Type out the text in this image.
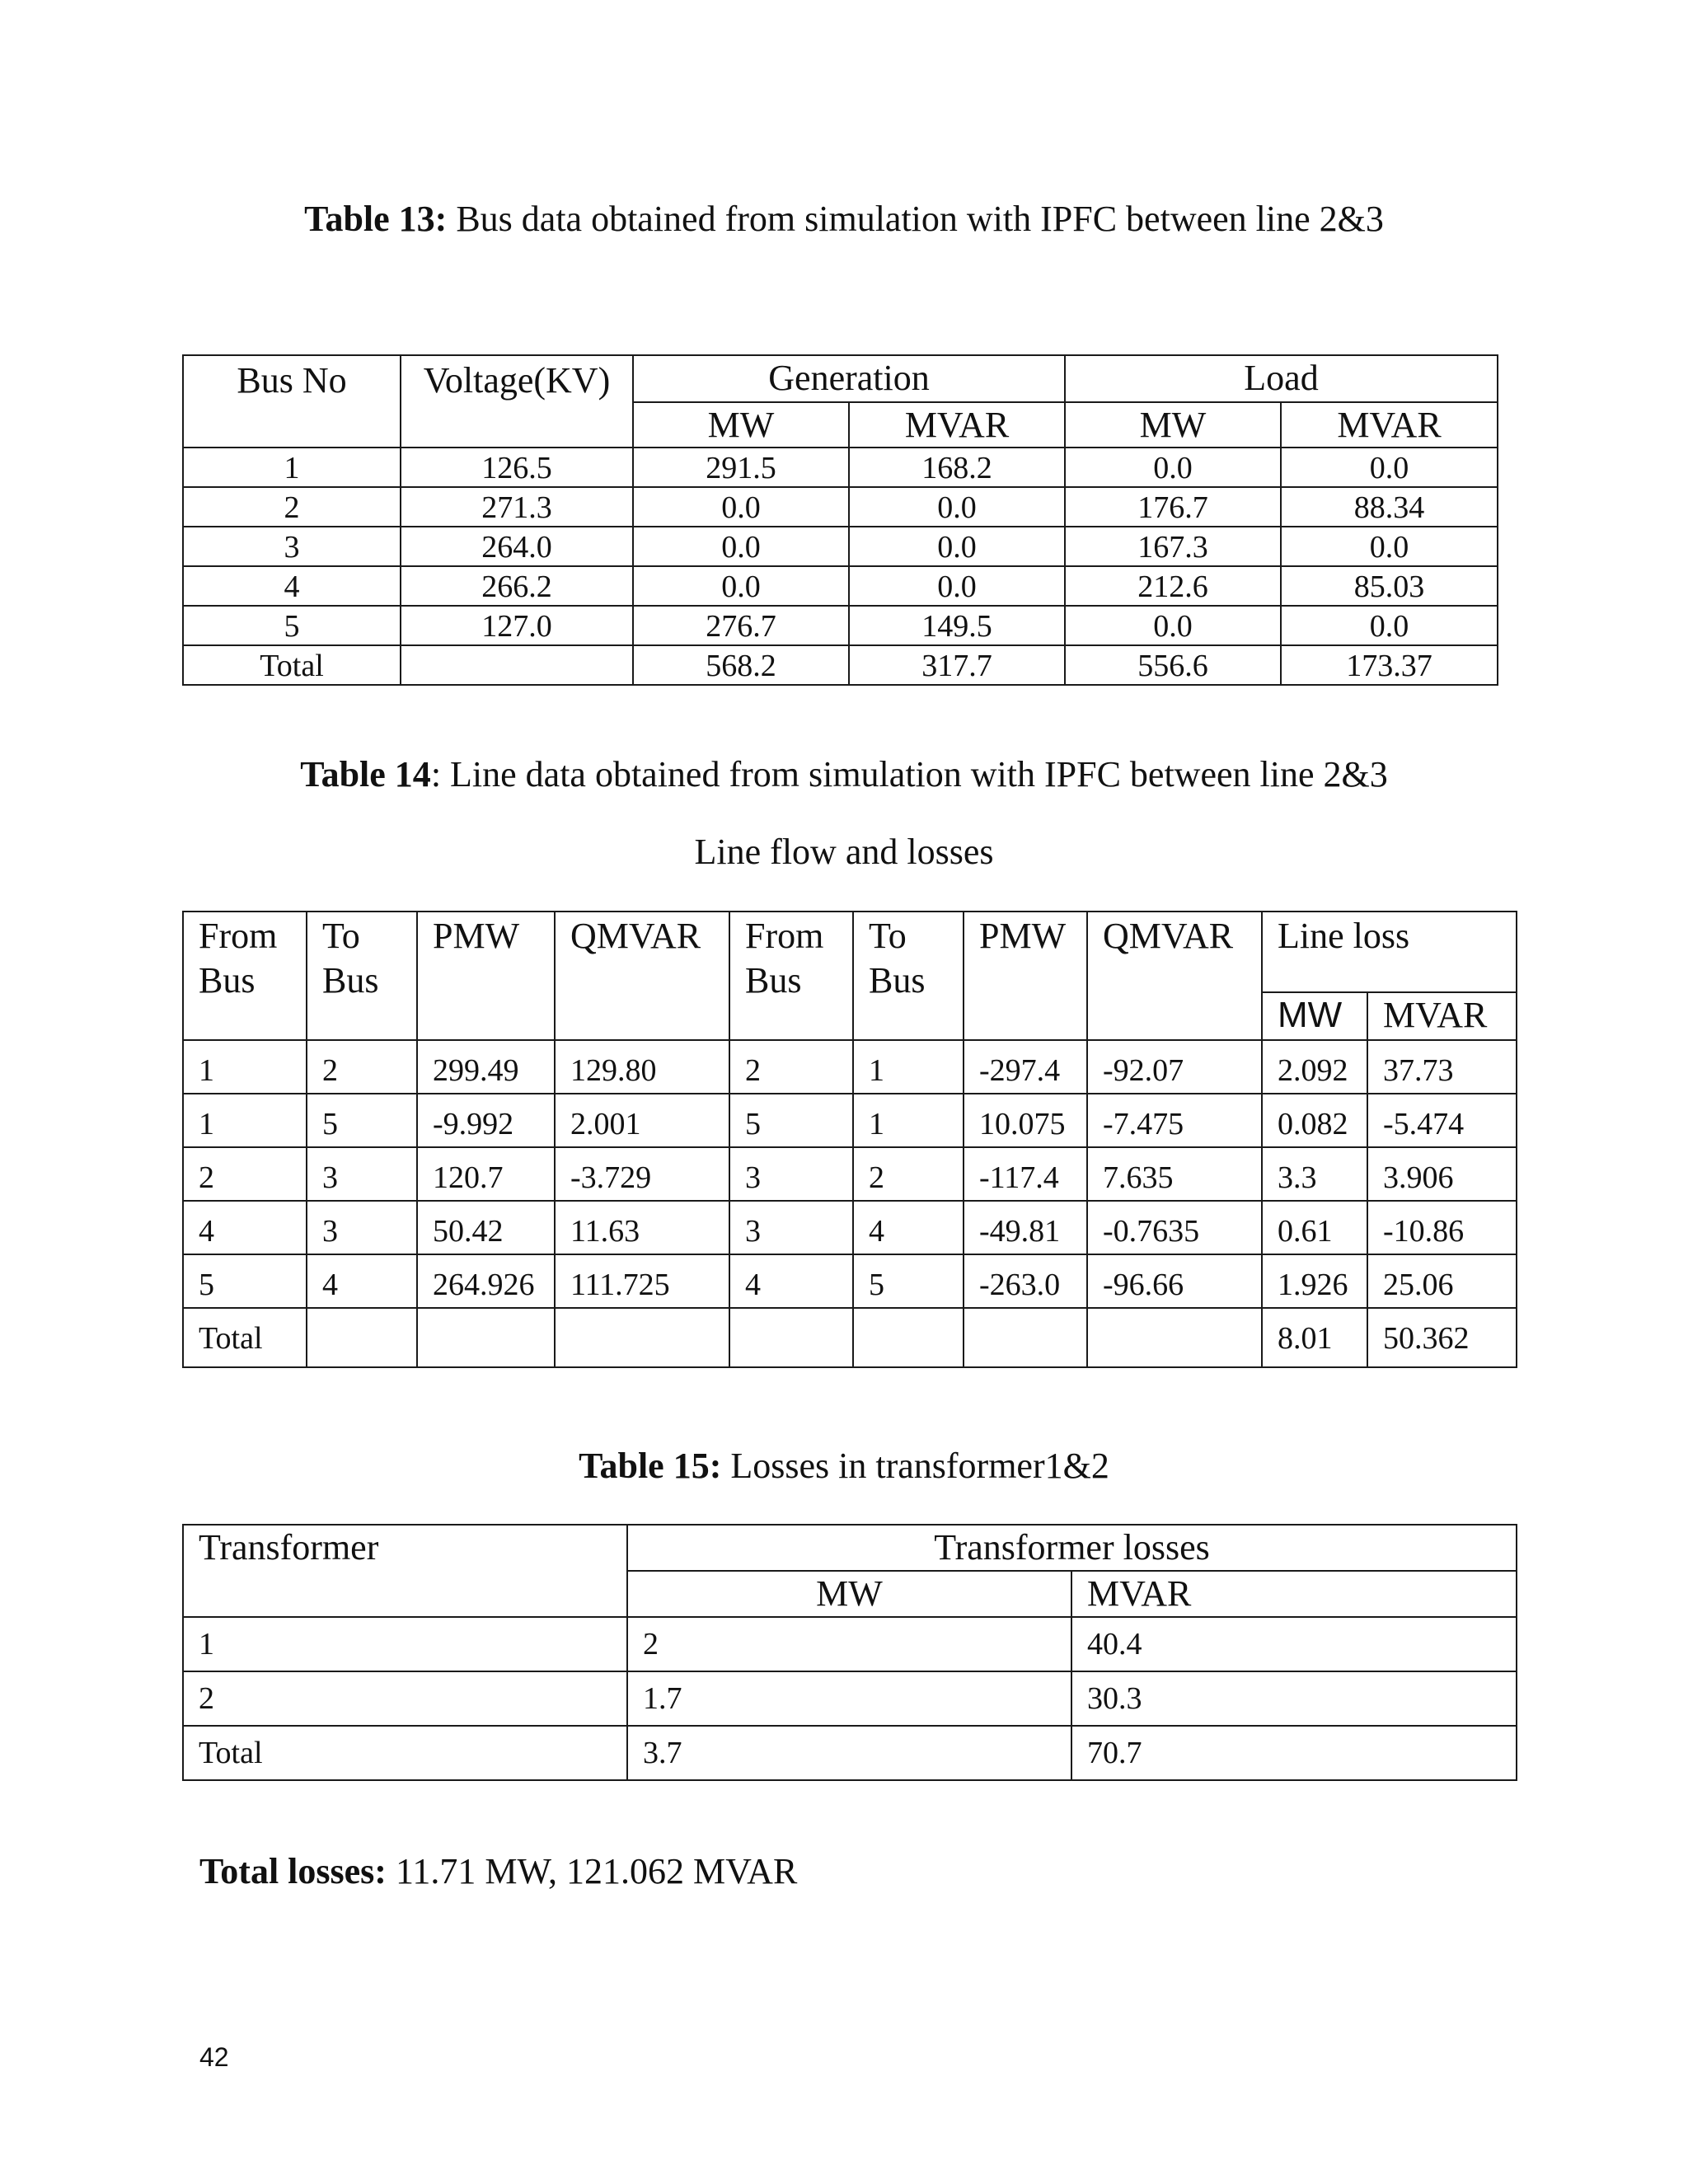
Table 13: Bus data obtained from simulation with IPFC between line 2&3
Bus No	Voltage(KV)	Generation		Load	
		MW	MVAR	MW	MVAR
1	126.5	291.5	168.2	0.0	0.0
2	271.3	0.0	0.0	176.7	88.34
3	264.0	0.0	0.0	167.3	0.0
4	266.2	0.0	0.0	212.6	85.03
5	127.0	276.7	149.5	0.0	0.0
Total		568.2	317.7	556.6	173.37
Table 14: Line data obtained from simulation with IPFC between line 2&3
Line flow and losses
From Bus	To Bus	PMW	QMVAR	From Bus	To Bus	PMW	QMVAR	Line loss	
								MW	MVAR
1	2	299.49	129.80	2	1	-297.4	-92.07	2.092	37.73
1	5	-9.992	2.001	5	1	10.075	-7.475	0.082	-5.474
2	3	120.7	-3.729	3	2	-117.4	7.635	3.3	3.906
4	3	50.42	11.63	3	4	-49.81	-0.7635	0.61	-10.86
5	4	264.926	111.725	4	5	-263.0	-96.66	1.926	25.06
Total								8.01	50.362
Table 15: Losses in transformer1&2
Transformer	Transformer losses	
	MW	MVAR
1	2	40.4
2	1.7	30.3
Total	3.7	70.7
Total losses: 11.71 MW, 121.062 MVAR
42
